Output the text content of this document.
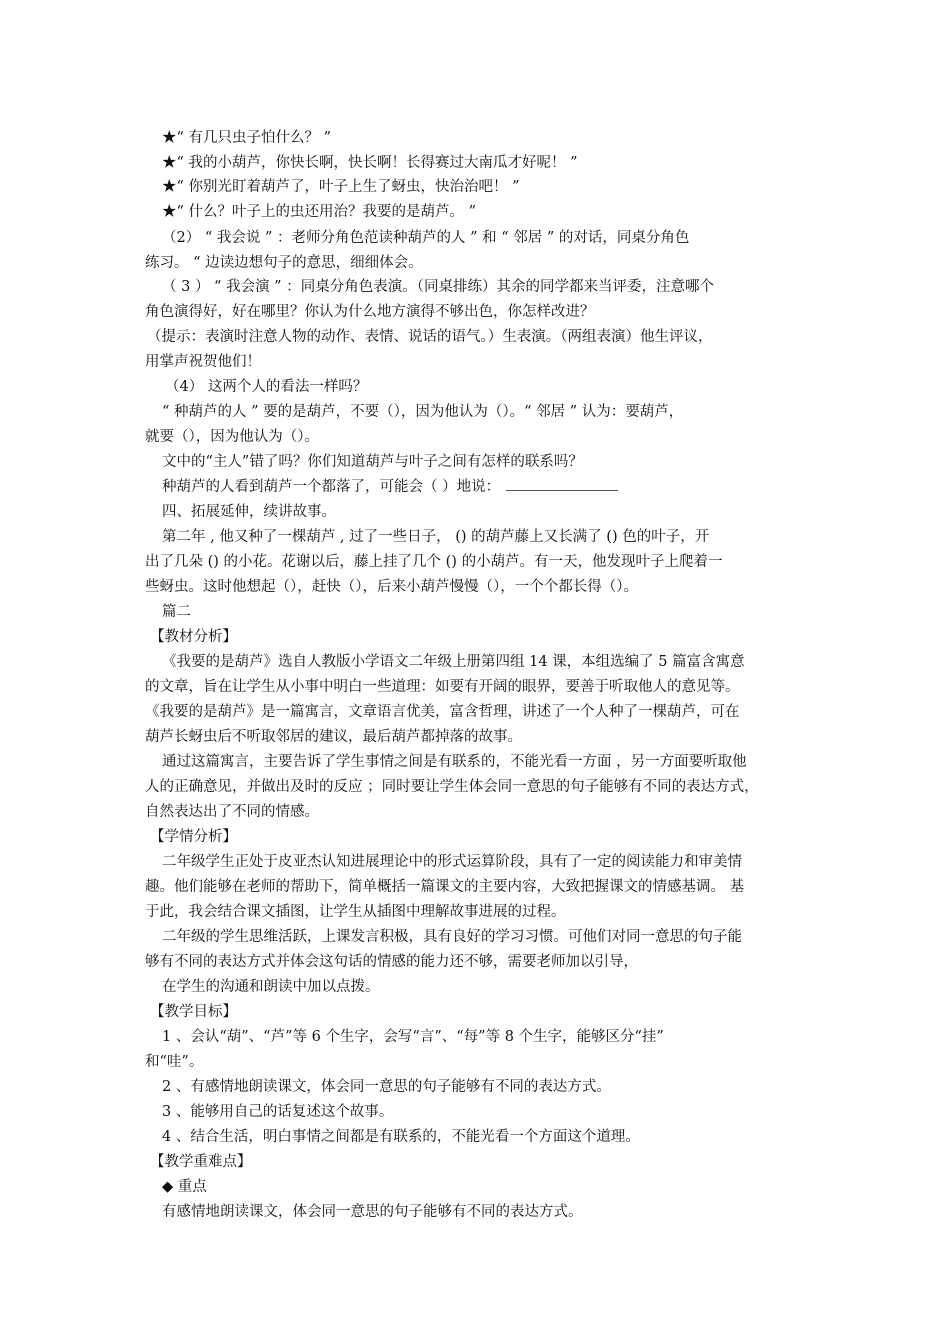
★“ 有几只虫子怕什么？ ”
★“ 我的小葫芦，你快长啊，快长啊！长得赛过大南瓜才好呢！ ”
★“ 你别光盯着葫芦了，叶子上生了蚜虫，快治治吧！ ”
★“ 什么？叶子上的虫还用治？我要的是葫芦。 ”
（2） “ 我会说 ” ：老师分角色范读种葫芦的人 ” 和 “ 邻居 ” 的对话，同桌分角色
练习。 “ 边读边想句子的意思，细细体会。
（ 3 ） “ 我会演 ” ：同桌分角色表演。（同桌排练）其余的同学都来当评委，注意哪个
角色演得好，好在哪里？你认为什么地方演得不够出色，你怎样改进？
（提示：表演时注意人物的动作、表情、说话的语气。）生表演。（两组表演）他生评议，
用掌声祝贺他们！
（4） 这两个人的看法一样吗？
“ 种葫芦的人 ” 要的是葫芦，不要（），因为他认为（）。“ 邻居 ” 认为：要葫芦，
就要（），因为他认为（）。
文中的“主人”错了吗？你们知道葫芦与叶子之间有怎样的联系吗？
种葫芦的人看到葫芦一个都落了，可能会（ ）地说：
四、拓展延伸，续讲故事。
第二年 , 他又种了一棵葫芦 , 过了一些日子， () 的葫芦藤上又长满了 () 色的叶子，开
出了几朵 () 的小花。花谢以后，藤上挂了几个 () 的小葫芦。有一天，他发现叶子上爬着一
些蚜虫。这时他想起（），赶快（），后来小葫芦慢慢（），一个个都长得（）。
篇二
【教材分析】
《我要的是葫芦》选自人教版小学语文二年级上册第四组 14 课，本组选编了 5 篇富含寓意
的文章，旨在让学生从小事中明白一些道理：如要有开阔的眼界，要善于听取他人的意见等。
《我要的是葫芦》是一篇寓言，文章语言优美，富含哲理，讲述了一个人种了一棵葫芦，可在
葫芦长蚜虫后不听取邻居的建议，最后葫芦都掉落的故事。
通过这篇寓言，主要告诉了学生事情之间是有联系的，不能光看一方面 ，另一方面要听取他
人的正确意见，并做出及时的反应 ；同时要让学生体会同一意思的句子能够有不同的表达方式，
自然表达出了不同的情感。
【学情分析】
二年级学生正处于皮亚杰认知进展理论中的形式运算阶段，具有了一定的阅读能力和审美情
趣。他们能够在老师的帮助下，简单概括一篇课文的主要内容，大致把握课文的情感基调。 基
于此，我会结合课文插图，让学生从插图中理解故事进展的过程。
二年级的学生思维活跃，上课发言积极，具有良好的学习习惯。可他们对同一意思的句子能
够有不同的表达方式并体会这句话的情感的能力还不够，需要老师加以引导，
在学生的沟通和朗读中加以点拨。
【教学目标】
1 、会认“葫”、“芦”等 6 个生字，会写“言”、“每”等 8 个生字，能够区分“挂”
和“哇”。
2 、有感情地朗读课文，体会同一意思的句子能够有不同的表达方式。
3 、能够用自己的话复述这个故事。
4 、结合生活，明白事情之间都是有联系的，不能光看一个方面这个道理。
【教学重难点】
◆ 重点
有感情地朗读课文，体会同一意思的句子能够有不同的表达方式。
